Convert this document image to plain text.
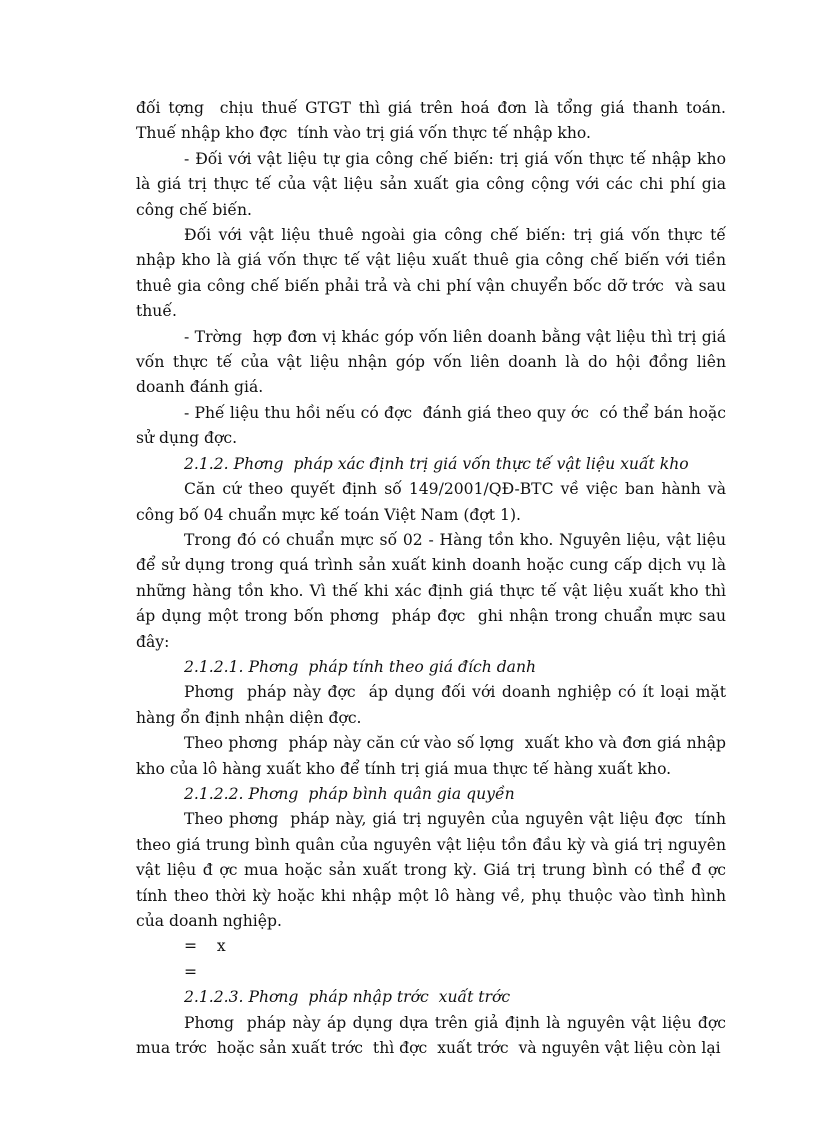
đối tợng  chịu thuế GTGT thì giá trên hoá đơn là tổng giá thanh toán. Thuế nhập kho đợc  tính vào trị giá vốn thực tế nhập kho.

- Đối với vật liệu tự gia công chế biến: trị giá vốn thực tế nhập kho là giá trị thực tế của vật liệu sản xuất gia công cộng với các chi phí gia công chế biến.

Đối với vật liệu thuê ngoài gia công chế biến: trị giá vốn thực tế nhập kho là giá vốn thực tế vật liệu xuất thuê gia công chế biến với tiền thuê gia công chế biến phải trả và chi phí vận chuyển bốc dỡ trớc  và sau thuế.

- Trờng  hợp đơn vị khác góp vốn liên doanh bằng vật liệu thì trị giá vốn thực tế của vật liệu nhận góp vốn liên doanh là do hội đồng liên doanh đánh giá.

- Phế liệu thu hồi nếu có đợc  đánh giá theo quy ớc  có thể bán hoặc sử dụng đợc.

2.1.2. Phơng  pháp xác định trị giá vốn thực tế vật liệu xuất kho

Căn cứ theo quyết định số 149/2001/QĐ-BTC về việc ban hành và công bố 04 chuẩn mực kế toán Việt Nam (đợt 1).

Trong đó có chuẩn mực số 02 - Hàng tồn kho. Nguyên liệu, vật liệu để sử dụng trong quá trình sản xuất kinh doanh hoặc cung cấp dịch vụ là những hàng tồn kho. Vì thế khi xác định giá thực tế vật liệu xuất kho thì áp dụng một trong bốn phơng  pháp đợc  ghi nhận trong chuẩn mực sau đây:

2.1.2.1. Phơng  pháp tính theo giá đích danh

Phơng  pháp này đợc  áp dụng đối với doanh nghiệp có ít loại mặt hàng ổn định nhận diện đợc.

Theo phơng  pháp này căn cứ vào số lợng  xuất kho và đơn giá nhập kho của lô hàng xuất kho để tính trị giá mua thực tế hàng xuất kho.

2.1.2.2. Phơng  pháp bình quân gia quyền

Theo phơng  pháp này, giá trị nguyên của nguyên vật liệu đợc  tính theo giá trung bình quân của nguyên vật liệu tồn đầu kỳ và giá trị nguyên vật liệu đ ợc mua hoặc sản xuất trong kỳ. Giá trị trung bình có thể đ ợc tính theo thời kỳ hoặc khi nhập một lô hàng về, phụ thuộc vào tình hình của doanh nghiệp.

=    x

=

2.1.2.3. Phơng  pháp nhập trớc  xuất trớc

Phơng  pháp này áp dụng dựa trên giả định là nguyên vật liệu đợc  mua trớc  hoặc sản xuất trớc  thì đợc  xuất trớc  và nguyên vật liệu còn lại
